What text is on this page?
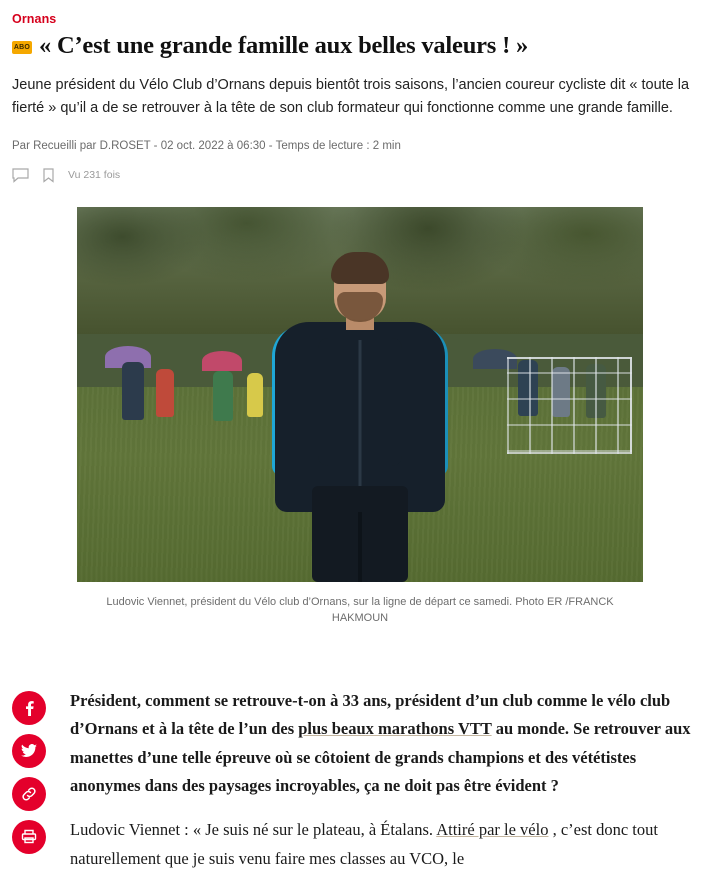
Ornans
ABO « C’est une grande famille aux belles valeurs ! »

Jeune président du Vélo Club d’Ornans depuis bientôt trois saisons, l’ancien coureur cycliste dit « toute la fierté » qu’il a de se retrouver à la tête de son club formateur qui fonctionne comme une grande famille.

Par Recueilli par D.ROSET - 02 oct. 2022 à 06:30 - Temps de lecture : 2 min
Vu 231 fois
Ludovic Viennet, président du Vélo club d’Ornans, sur la ligne de départ ce samedi. Photo ER /FRANCK HAKMOUN

Président, comment se retrouve-t-on à 33 ans, président d’un club comme le vélo club d’Ornans et à la tête de l’un des plus beaux marathons VTT au monde. Se retrouver aux manettes d’une telle épreuve où se côtoient de grands champions et des vététistes anonymes dans des paysages incroyables, ça ne doit pas être évident ?

Ludovic Viennet : « Je suis né sur le plateau, à Étalans. Attiré par le vélo , c’est donc tout naturellement que je suis venu faire mes classes au VCO, le
